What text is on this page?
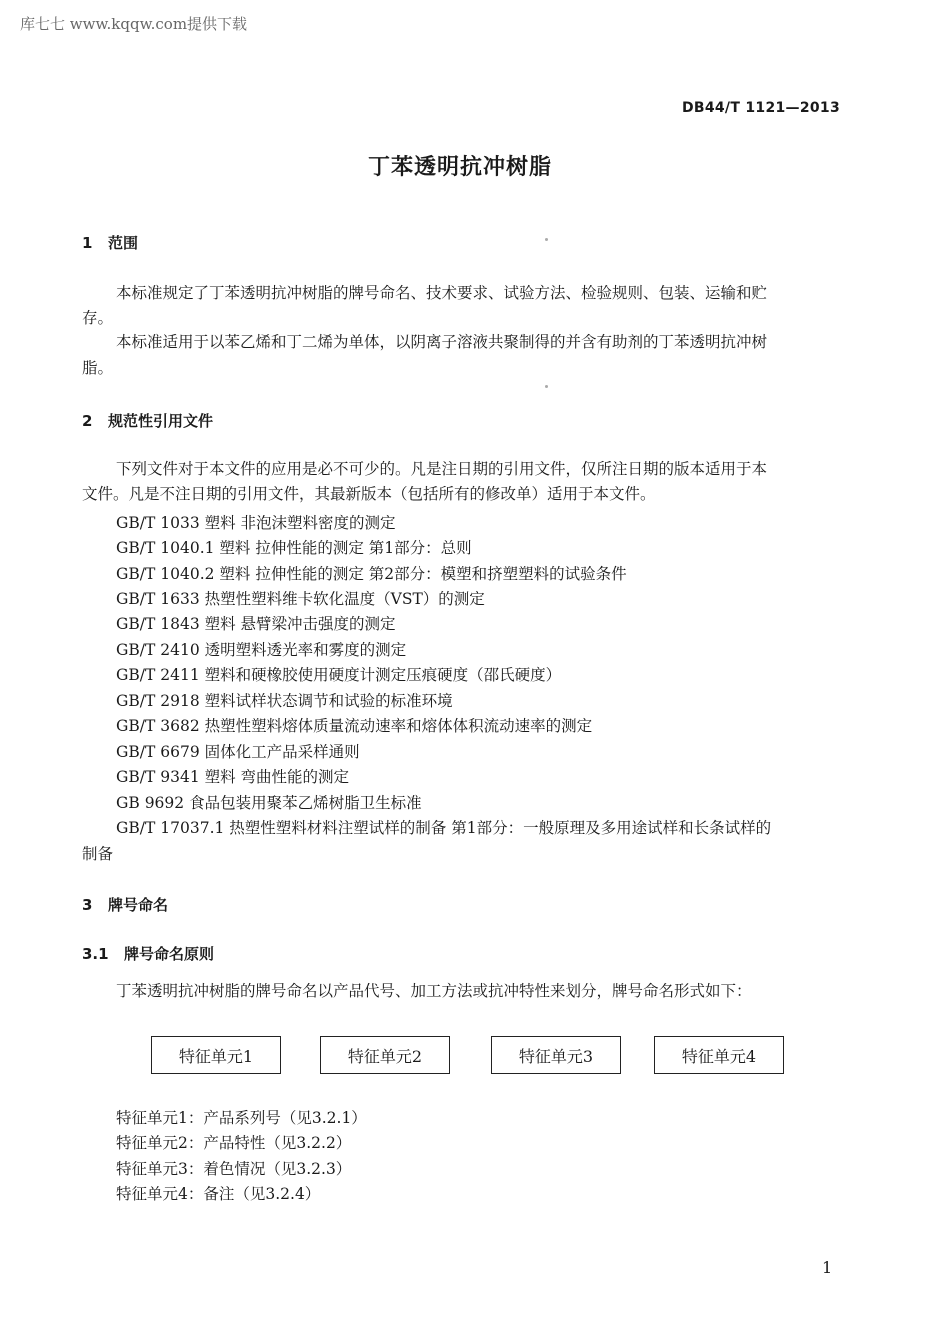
库七七 www.kqqw.com提供下载
DB44/T 1121—2013
丁苯透明抗冲树脂
1 范围
本标准规定了丁苯透明抗冲树脂的牌号命名、技术要求、试验方法、检验规则、包装、运输和贮
存。
本标准适用于以苯乙烯和丁二烯为单体，以阴离子溶液共聚制得的并含有助剂的丁苯透明抗冲树
脂。
2 规范性引用文件
下列文件对于本文件的应用是必不可少的。凡是注日期的引用文件，仅所注日期的版本适用于本
文件。凡是不注日期的引用文件，其最新版本（包括所有的修改单）适用于本文件。
GB/T 1033 塑料 非泡沫塑料密度的测定
GB/T 1040.1 塑料 拉伸性能的测定 第1部分：总则
GB/T 1040.2 塑料 拉伸性能的测定 第2部分：模塑和挤塑塑料的试验条件
GB/T 1633 热塑性塑料维卡软化温度（VST）的测定
GB/T 1843 塑料 悬臂梁冲击强度的测定
GB/T 2410 透明塑料透光率和雾度的测定
GB/T 2411 塑料和硬橡胶使用硬度计测定压痕硬度（邵氏硬度）
GB/T 2918 塑料试样状态调节和试验的标准环境
GB/T 3682 热塑性塑料熔体质量流动速率和熔体体积流动速率的测定
GB/T 6679 固体化工产品采样通则
GB/T 9341 塑料 弯曲性能的测定
GB 9692 食品包装用聚苯乙烯树脂卫生标准
GB/T 17037.1 热塑性塑料材料注塑试样的制备 第1部分：一般原理及多用途试样和长条试样的
制备
3 牌号命名
3.1 牌号命名原则
丁苯透明抗冲树脂的牌号命名以产品代号、加工方法或抗冲特性来划分，牌号命名形式如下：
特征单元1	特征单元2	特征单元3	特征单元4
特征单元1：产品系列号（见3.2.1）
特征单元2：产品特性（见3.2.2）
特征单元3：着色情况（见3.2.3）
特征单元4：备注（见3.2.4）
1
